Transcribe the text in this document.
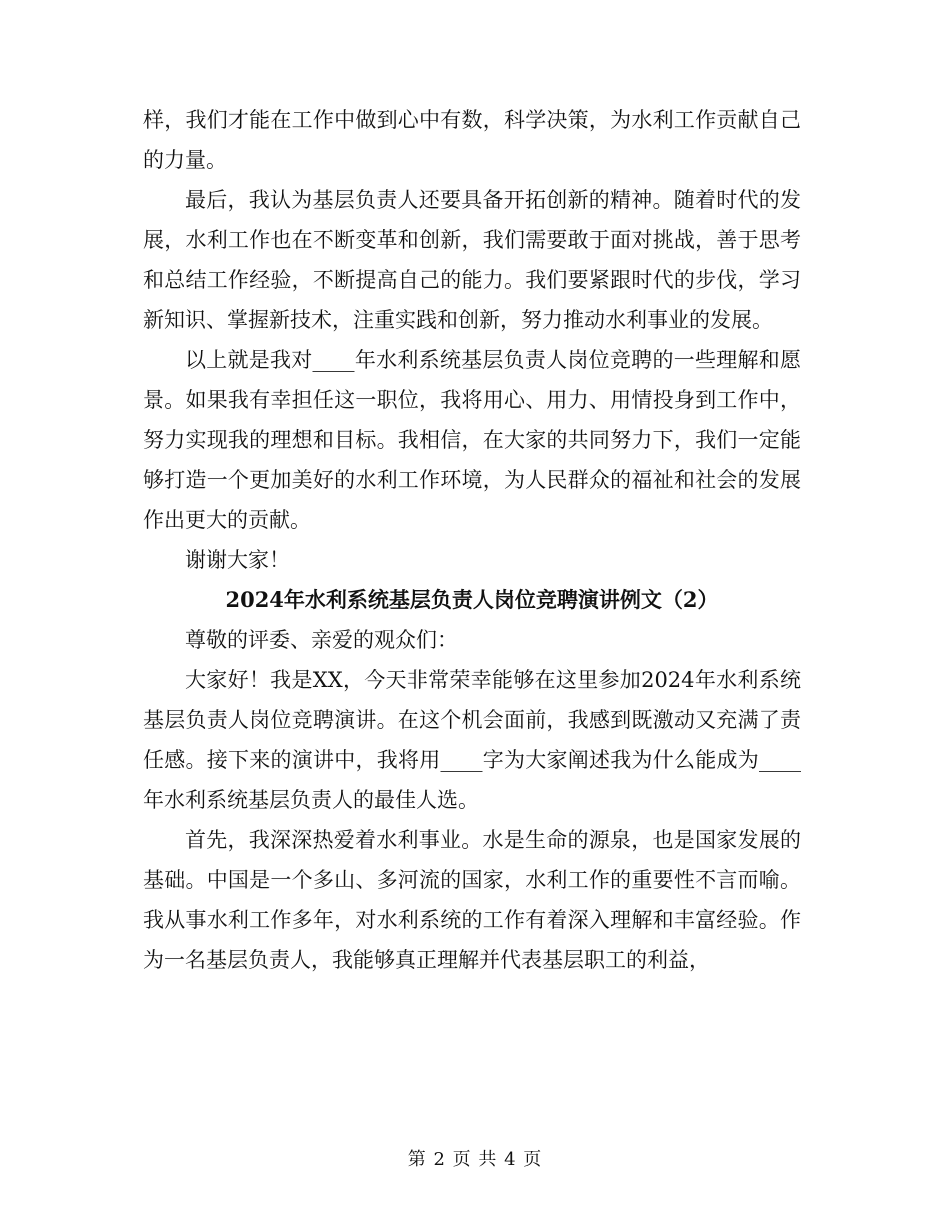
样，我们才能在工作中做到心中有数，科学决策，为水利工作贡献自己的力量。

最后，我认为基层负责人还要具备开拓创新的精神。随着时代的发展，水利工作也在不断变革和创新，我们需要敢于面对挑战，善于思考和总结工作经验，不断提高自己的能力。我们要紧跟时代的步伐，学习新知识、掌握新技术，注重实践和创新，努力推动水利事业的发展。

以上就是我对____年水利系统基层负责人岗位竞聘的一些理解和愿景。如果我有幸担任这一职位，我将用心、用力、用情投身到工作中，努力实现我的理想和目标。我相信，在大家的共同努力下，我们一定能够打造一个更加美好的水利工作环境，为人民群众的福祉和社会的发展作出更大的贡献。

谢谢大家！

2024年水利系统基层负责人岗位竞聘演讲例文（2）

尊敬的评委、亲爱的观众们：

大家好！我是XX，今天非常荣幸能够在这里参加2024年水利系统基层负责人岗位竞聘演讲。在这个机会面前，我感到既激动又充满了责任感。接下来的演讲中，我将用____字为大家阐述我为什么能成为____年水利系统基层负责人的最佳人选。

首先，我深深热爱着水利事业。水是生命的源泉，也是国家发展的基础。中国是一个多山、多河流的国家，水利工作的重要性不言而喻。我从事水利工作多年，对水利系统的工作有着深入理解和丰富经验。作为一名基层负责人，我能够真正理解并代表基层职工的利益，

第 2 页 共 4 页
